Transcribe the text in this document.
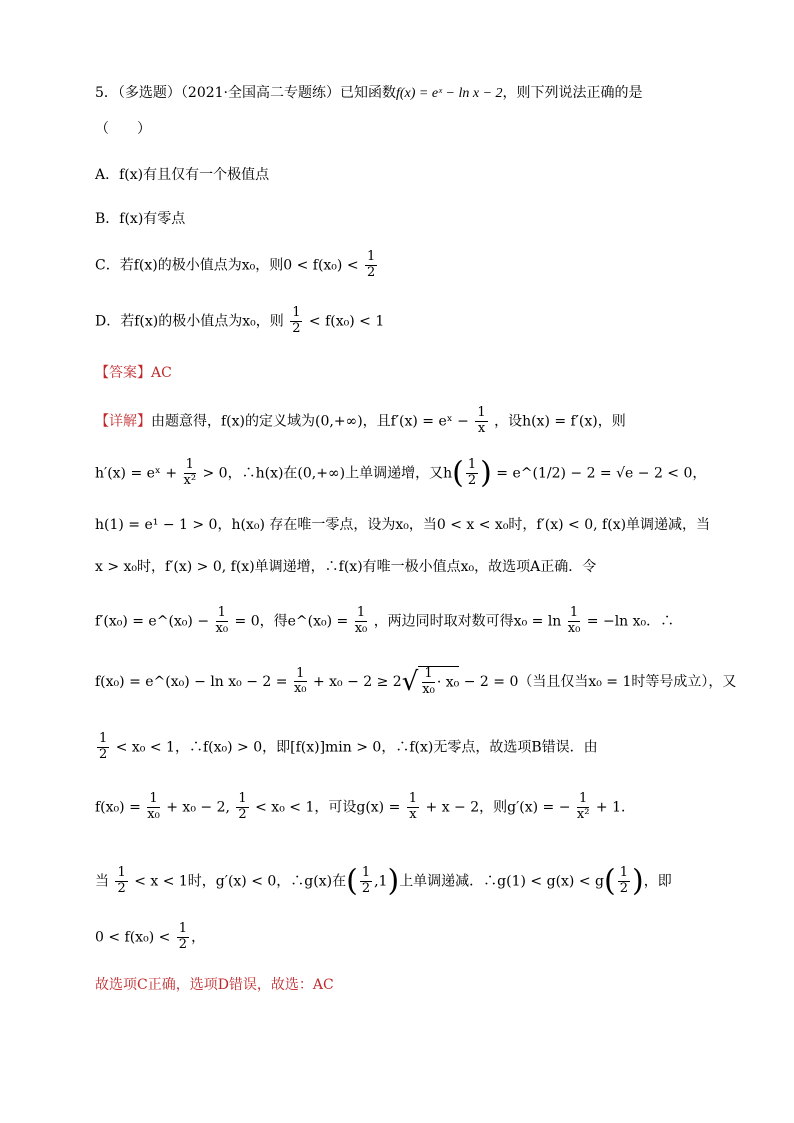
5．（多选题）（2021·全国高二专题练）已知函数f(x) = eˣ − ln x − 2，则下列说法正确的是
（　　）
A．f(x)有且仅有一个极值点
B．f(x)有零点
C．若f(x)的极小值点为x₀，则$0 < f(x_0) < \frac{1}{2}$
D．若f(x)的极小值点为x₀，则 $\frac{1}{2} < f(x_0) < 1$
【答案】AC
【详解】由题意得，f(x)的定义域为(0,+∞)，且f′(x) = eˣ − $\frac{1}{x}$ ，设h(x) = f′(x)，则
h′(x) = eˣ + $\frac{1}{\text{x²}} > 0$，∴h(x)在(0,+∞)上单调递增，又$h( \frac{1}{2}$ ) = e^(1/2) − 2 = √e − 2 < 0，
h(1) = e¹ − 1 > 0，h(x₀) 存在唯一零点，设为x₀，当0 < x < x₀时，f′(x) < 0, f(x)单调递减，当
x > x₀时，f′(x) > 0, f(x)单调递增，∴f(x)有唯一极小值点x₀，故选项A正确．令
f′(x₀) = e^(x₀) − $\frac{1}{\text{x₀}} = 0$，得e^(x₀) = $\frac{1}{\text{x₀}}$ ，两边同时取对数可得$x_0 = \ln \frac{1}{\text{x₀}} = -\ln$ x₀．∴
f(x₀) = e^(x₀) − $\ln x_0 - 2 = \frac{1}{\text{x₀}} + x_0 - 2 \ge 2√ \frac{1}{\text{x₀}} \cdot x_0 - 2 = 0$（当且仅当x₀ = 1时等号成立），又
$\frac{1}{2} < x_0 < 1$，∴f(x₀) > 0，即[f(x)]min > 0，∴f(x)无零点，故选项B错误．由
$f(x_0) = \frac{1}{\text{x₀}} + x_0 - 2$, $\frac{1}{2} < x_0 < 1$，可设$g(x) = \frac{1}{x} + x - 2$，则g′(x) = − $\frac{1}{\text{x²}} + 1$．
当 $\frac{1}{2} < x < 1$时，g′(x) < 0，∴g(x)在( $\frac{1}{2} ,1$)上单调递减．∴g(1) < $g(x) < g( \frac{1}{2}$ )，即
$0 < f(x_0) < \frac{1}{2}$ ，
故选项C正确，选项D错误，故选：AC
